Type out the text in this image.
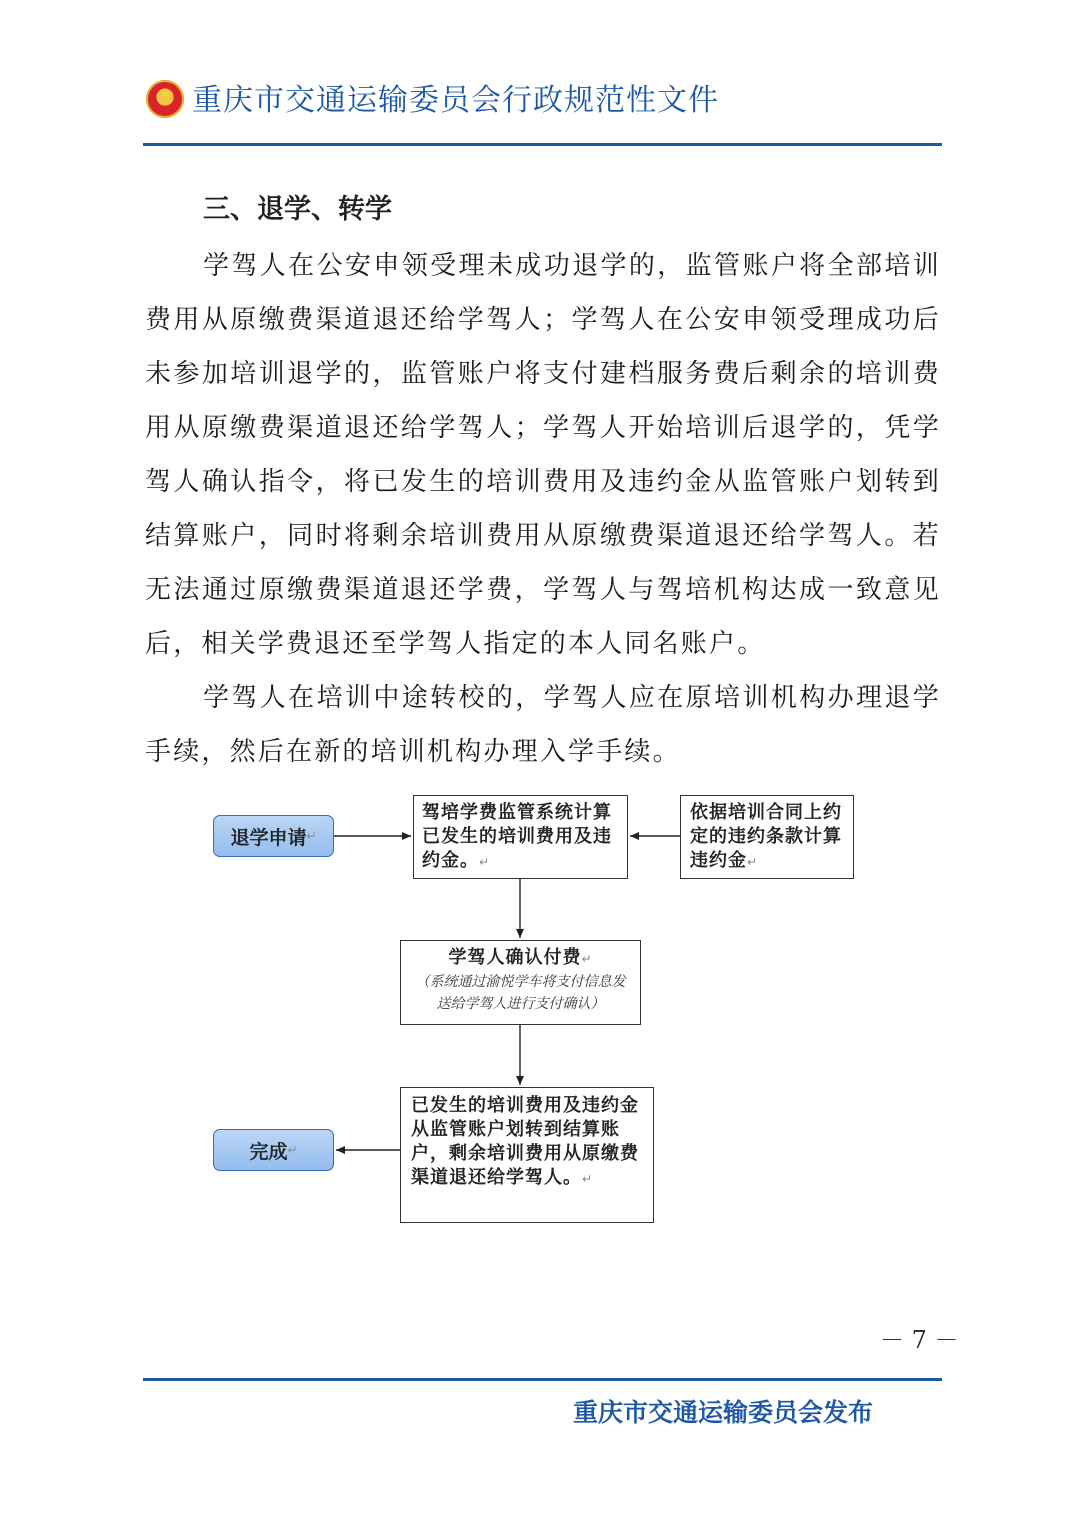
★ 重庆市交通运输委员会行政规范性文件
三、退学、转学
学驾人在公安申领受理未成功退学的，监管账户将全部培训费用从原缴费渠道退还给学驾人；学驾人在公安申领受理成功后未参加培训退学的，监管账户将支付建档服务费后剩余的培训费用从原缴费渠道退还给学驾人；学驾人开始培训后退学的，凭学驾人确认指令，将已发生的培训费用及违约金从监管账户划转到结算账户，同时将剩余培训费用从原缴费渠道退还给学驾人。若无法通过原缴费渠道退还学费，学驾人与驾培机构达成一致意见后，相关学费退还至学驾人指定的本人同名账户。
学驾人在培训中途转校的，学驾人应在原培训机构办理退学手续，然后在新的培训机构办理入学手续。
退学申请 ↵
驾培学费监管系统计算已发生的培训费用及违约金。↵
依据培训合同上约定的违约条款计算违约金↵
学驾人确认付费↵
（系统通过渝悦学车将支付信息发送给学驾人进行支付确认）
已发生的培训费用及违约金从监管账户划转到结算账户，剩余培训费用从原缴费渠道退还给学驾人。↵
完成 ↵
－ 7 －
重庆市交通运输委员会发布
